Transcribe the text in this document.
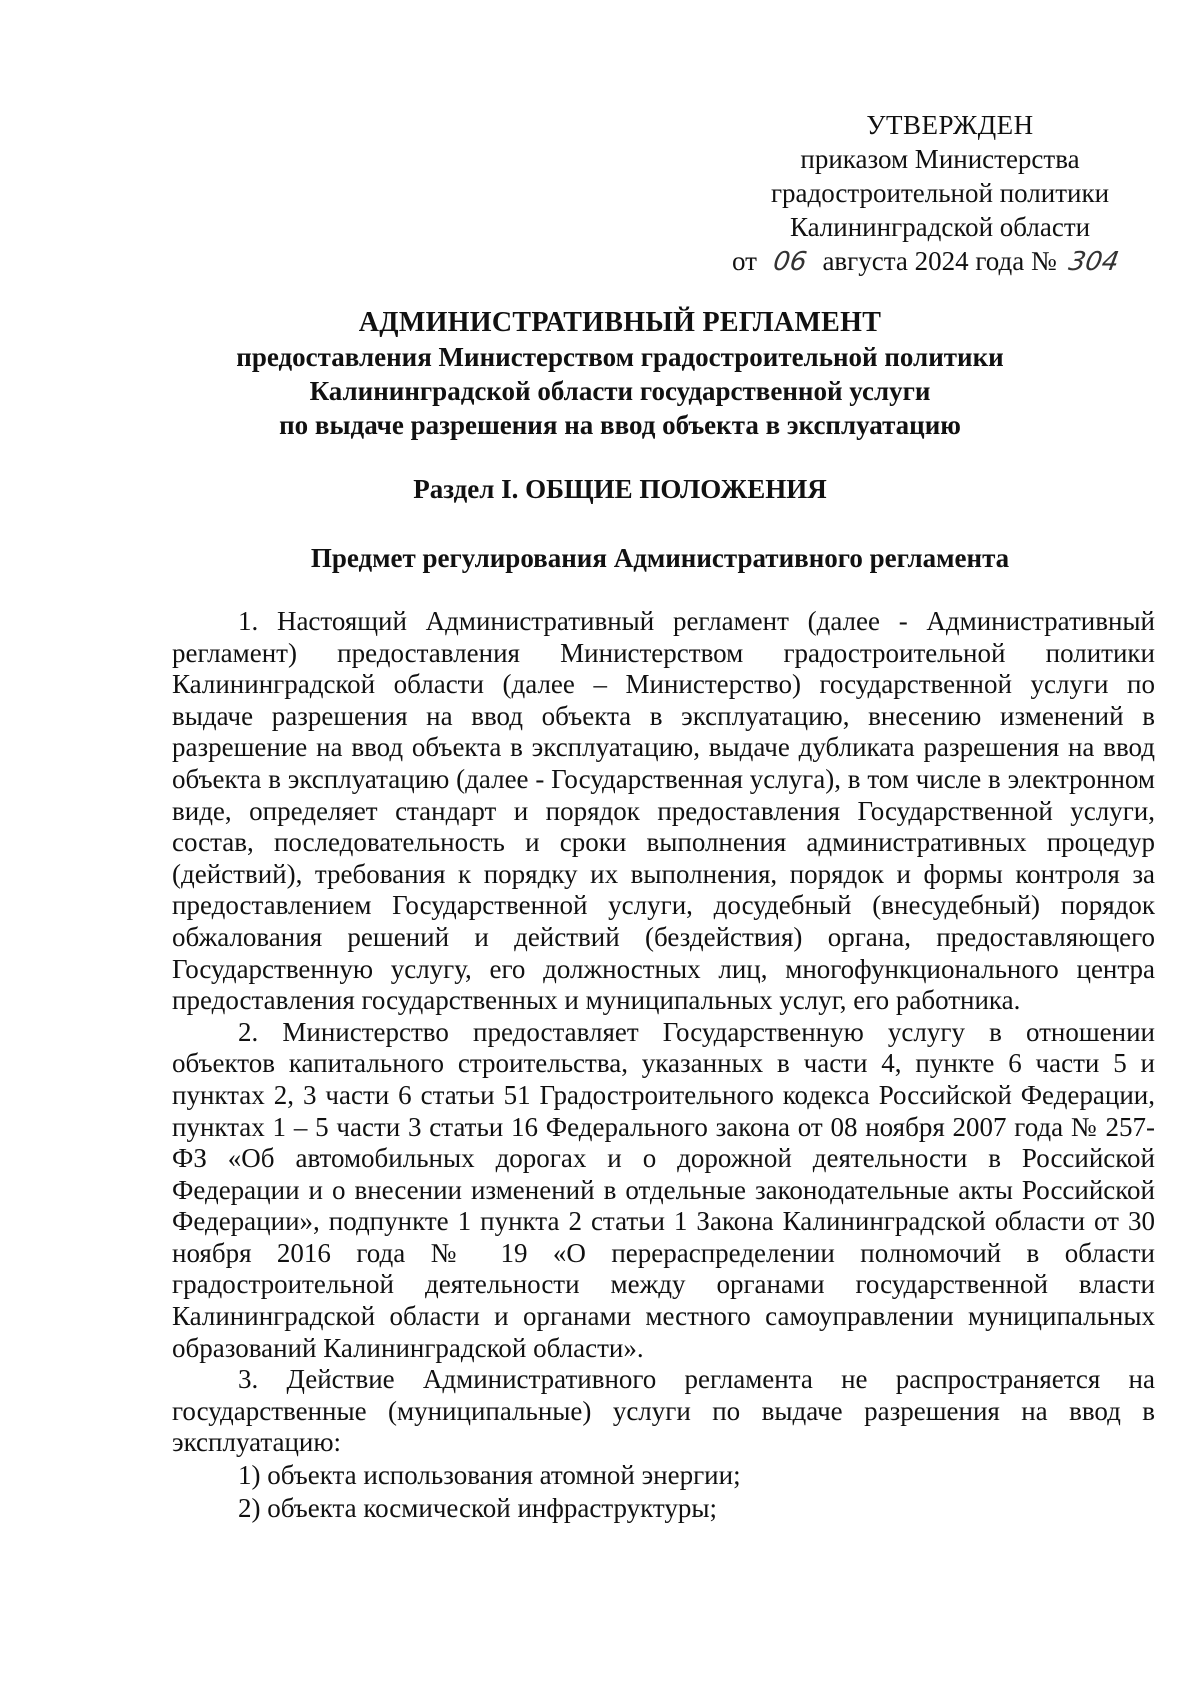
УТВЕРЖДЕН
приказом Министерства
градостроительной политики
Калининградской области
от 06 августа 2024 года № 304
АДМИНИСТРАТИВНЫЙ РЕГЛАМЕНТ
предоставления Министерством градостроительной политики
Калининградской области государственной услуги
по выдаче разрешения на ввод объекта в эксплуатацию
Раздел I. ОБЩИЕ ПОЛОЖЕНИЯ
Предмет регулирования Административного регламента

1. Настоящий Административный регламент (далее - Административный регламент) предоставления Министерством градостроительной политики Калининградской области (далее – Министерство) государственной услуги по выдаче разрешения на ввод объекта в эксплуатацию, внесению изменений в разрешение на ввод объекта в эксплуатацию, выдаче дубликата разрешения на ввод объекта в эксплуатацию (далее - Государственная услуга), в том числе в электронном виде, определяет стандарт и порядок предоставления Государственной услуги, состав, последовательность и сроки выполнения административных процедур (действий), требования к порядку их выполнения, порядок и формы контроля за предоставлением Государственной услуги, досудебный (внесудебный) порядок обжалования решений и действий (бездействия) органа, предоставляющего Государственную услугу, его должностных лиц, многофункционального центра предоставления государственных и муниципальных услуг, его работника.

2. Министерство предоставляет Государственную услугу в отношении объектов капитального строительства, указанных в части 4, пункте 6 части 5 и пунктах 2, 3 части 6 статьи 51 Градостроительного кодекса Российской Федерации, пунктах 1 – 5 части 3 статьи 16 Федерального закона от 08 ноября 2007 года № 257-ФЗ «Об автомобильных дорогах и о дорожной деятельности в Российской Федерации и о внесении изменений в отдельные законодательные акты Российской Федерации», подпункте 1 пункта 2 статьи 1 Закона Калининградской области от 30 ноября 2016 года № 19 «О перераспределении полномочий в области градостроительной деятельности между органами государственной власти Калининградской области и органами местного самоуправлении муниципальных образований Калининградской области».

3. Действие Административного регламента не распространяется на государственные (муниципальные) услуги по выдаче разрешения на ввод в эксплуатацию:

1) объекта использования атомной энергии;
2) объекта космической инфраструктуры;
